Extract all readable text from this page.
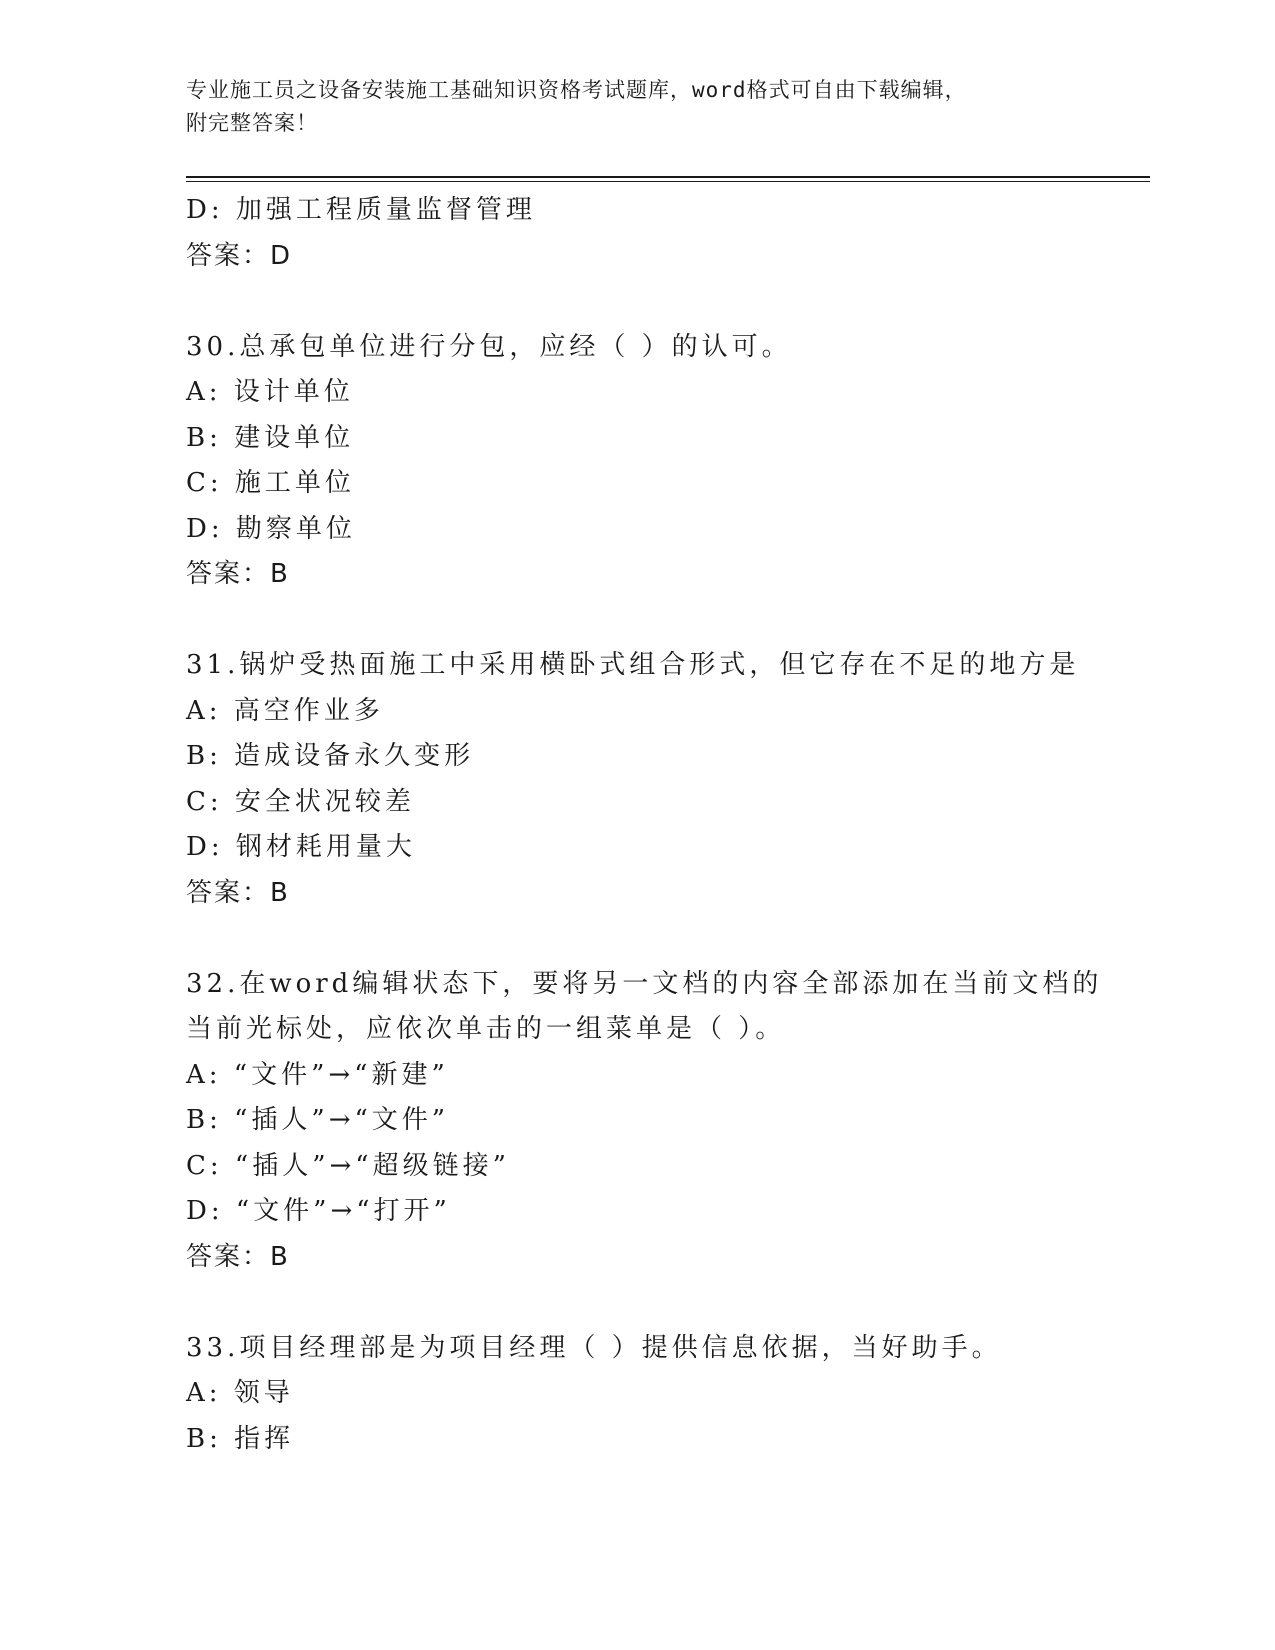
专业施工员之设备安装施工基础知识资格考试题库，word格式可自由下载编辑，
附完整答案！
D: 加强工程质量监督管理
答案：D
30.总承包单位进行分包，应经（ ）的认可。
A: 设计单位
B: 建设单位
C: 施工单位
D: 勘察单位
答案：B
31.锅炉受热面施工中采用横卧式组合形式，但它存在不足的地方是
A: 高空作业多
B: 造成设备永久变形
C: 安全状况较差
D: 钢材耗用量大
答案：B
32.在word编辑状态下，要将另一文档的内容全部添加在当前文档的
当前光标处，应依次单击的一组菜单是（ ）。
A: “文件”→“新建”
B: “插人”→“文件”
C: “插人”→“超级链接”
D: “文件”→“打开”
答案：B
33.项目经理部是为项目经理（ ）提供信息依据，当好助手。
A: 领导
B: 指挥
